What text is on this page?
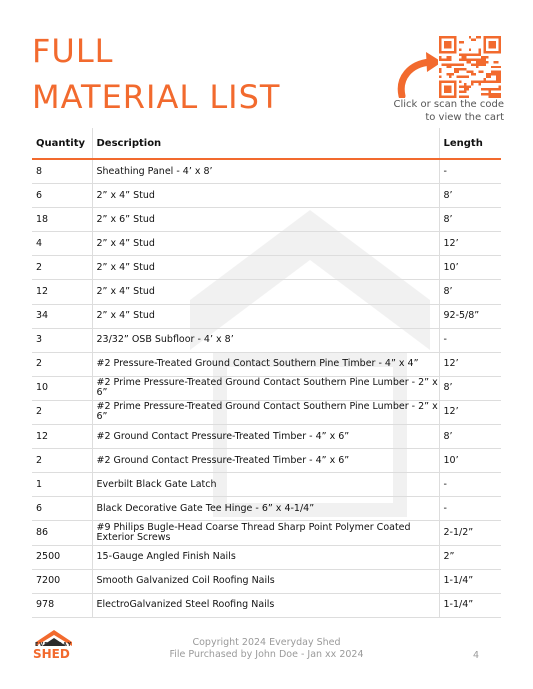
FULL
MATERIAL LIST	Click or scan the code
to view the cart
Quantity	Description	Length
8	Sheathing Panel - 4’ x 8’	-
6	2” x 4” Stud	8’
18	2” x 6” Stud	8’
4	2” x 4” Stud	12’
2	2” x 4” Stud	10’
12	2” x 4” Stud	8’
34	2” x 4” Stud	92-5/8”
3	23/32” OSB Subfloor - 4’ x 8’	-
2	#2 Pressure-Treated Ground Contact Southern Pine Timber - 4” x 4”	12’
10	#2 Prime Pressure-Treated Ground Contact Southern Pine Lumber - 2” x 6”	8’
2	#2 Prime Pressure-Treated Ground Contact Southern Pine Lumber - 2” x 6”	12’
12	#2 Ground Contact Pressure-Treated Timber - 4” x 6”	8’
2	#2 Ground Contact Pressure-Treated Timber - 4” x 6”	10’
1	Everbilt Black Gate Latch	-
6	Black Decorative Gate Tee Hinge - 6” x 4-1/4”	-
86	#9 Philips Bugle-Head Coarse Thread Sharp Point Polymer Coated Exterior Screws	2-1/2”
2500	15-Gauge Angled Finish Nails	2”
7200	Smooth Galvanized Coil Roofing Nails	1-1/4”
978	ElectroGalvanized Steel Roofing Nails	1-1/4”
EVERYDAY
SHED
Copyright 2024 Everyday Shed
File Purchased by John Doe - Jan xx 2024	4
